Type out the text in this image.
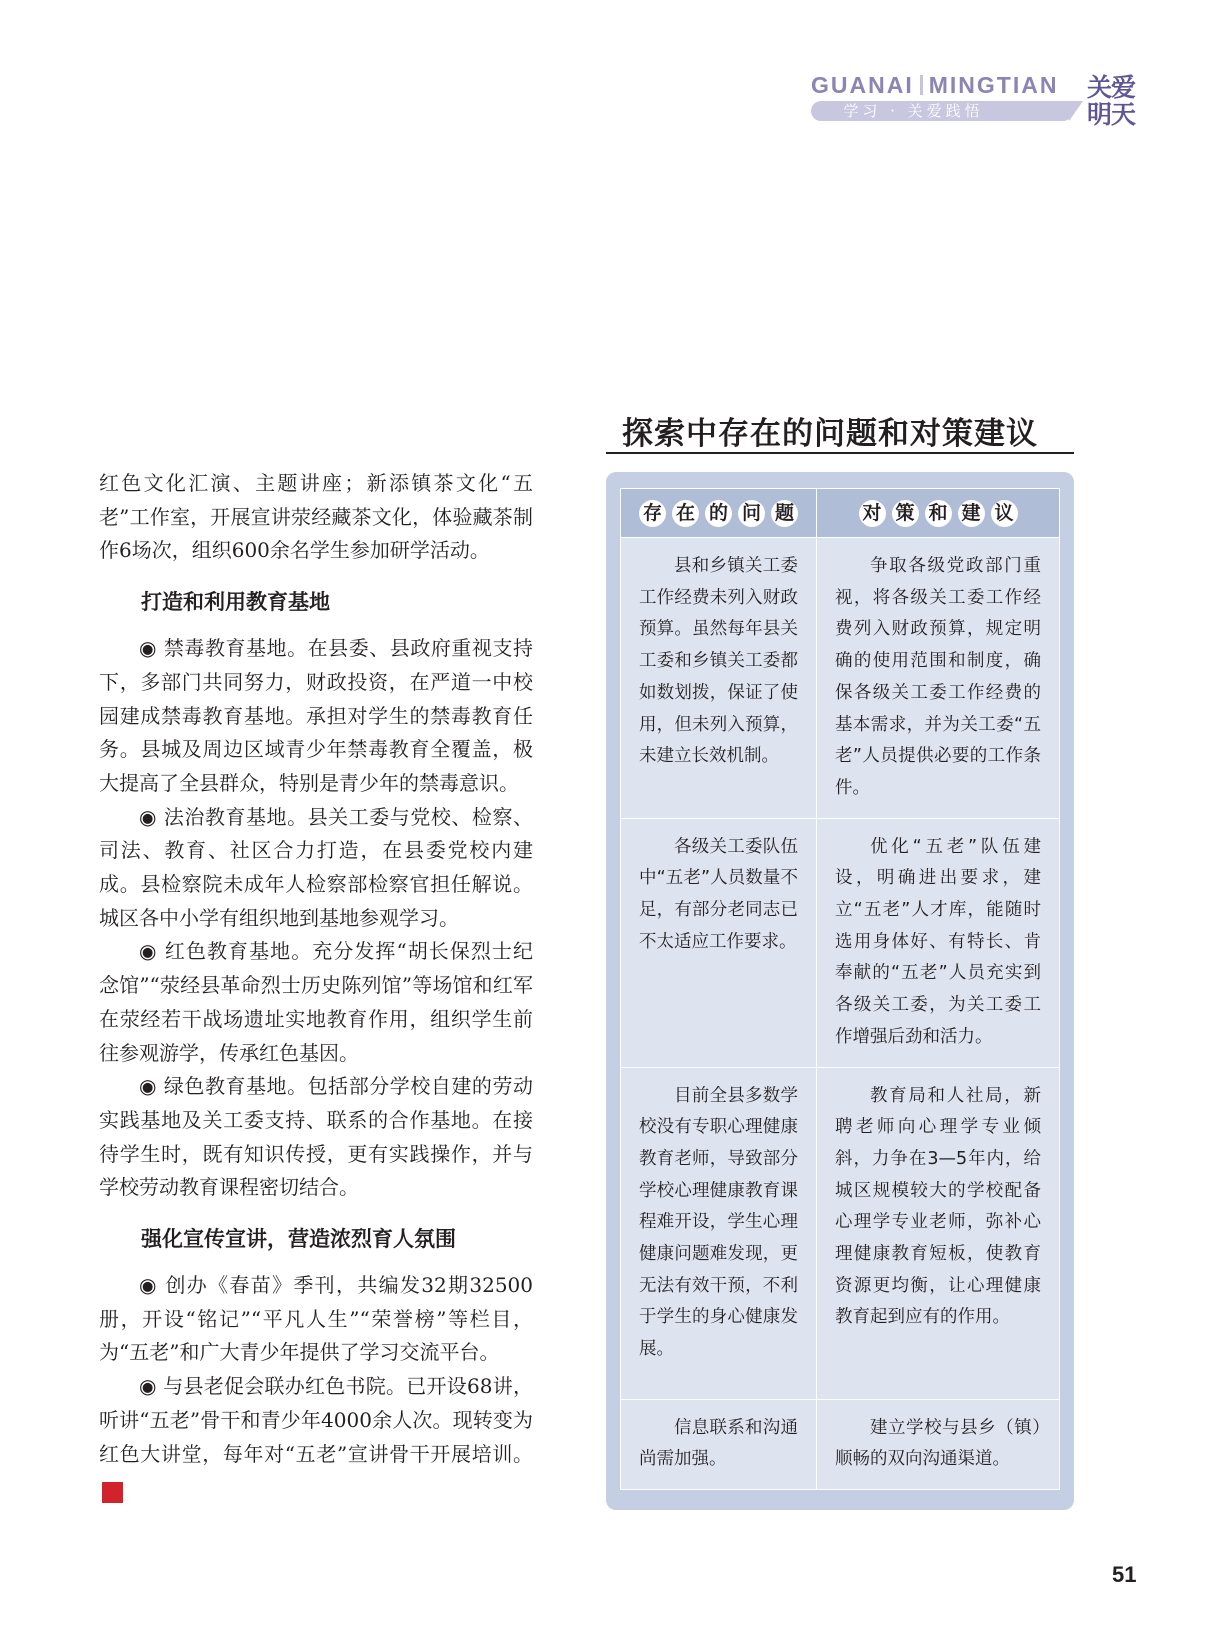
GUANAI MINGTIAN
学习 · 关爱践悟
关爱
明天

红色文化汇演、主题讲座；新添镇茶文化“五老”工作室，开展宣讲荥经藏茶文化，体验藏茶制作6场次，组织600余名学生参加研学活动。

打造和利用教育基地

◉ 禁毒教育基地。在县委、县政府重视支持下，多部门共同努力，财政投资，在严道一中校园建成禁毒教育基地。承担对学生的禁毒教育任务。县城及周边区域青少年禁毒教育全覆盖，极大提高了全县群众，特别是青少年的禁毒意识。

◉ 法治教育基地。县关工委与党校、检察、司法、教育、社区合力打造，在县委党校内建成。县检察院未成年人检察部检察官担任解说。城区各中小学有组织地到基地参观学习。

◉ 红色教育基地。充分发挥“胡长保烈士纪念馆”“荥经县革命烈士历史陈列馆”等场馆和红军在荥经若干战场遗址实地教育作用，组织学生前往参观游学，传承红色基因。

◉ 绿色教育基地。包括部分学校自建的劳动实践基地及关工委支持、联系的合作基地。在接待学生时，既有知识传授，更有实践操作，并与学校劳动教育课程密切结合。

强化宣传宣讲，营造浓烈育人氛围

◉ 创办《春苗》季刊，共编发32期32500册，开设“铭记”“平凡人生”“荣誉榜”等栏目，为“五老”和广大青少年提供了学习交流平台。

◉ 与县老促会联办红色书院。已开设68讲，听讲“五老”骨干和青少年4000余人次。现转变为红色大讲堂，每年对“五老”宣讲骨干开展培训。关

探索中存在的问题和对策建议
存 在 的 问 题	对 策 和 建 议

县和乡镇关工委工作经费未列入财政预算。虽然每年县关工委和乡镇关工委都如数划拨，保证了使用，但未列入预算，未建立长效机制。	争取各级党政部门重视，将各级关工委工作经费列入财政预算，规定明确的使用范围和制度，确保各级关工委工作经费的基本需求，并为关工委“五老”人员提供必要的工作条件。

各级关工委队伍中“五老”人员数量不足，有部分老同志已不太适应工作要求。	优化“五老”队伍建设，明确进出要求，建立“五老”人才库，能随时选用身体好、有特长、肯奉献的“五老”人员充实到各级关工委，为关工委工作增强后劲和活力。

目前全县多数学校没有专职心理健康教育老师，导致部分学校心理健康教育课程难开设，学生心理健康问题难发现，更无法有效干预，不利于学生的身心健康发展。	教育局和人社局，新聘老师向心理学专业倾斜，力争在3—5年内，给城区规模较大的学校配备心理学专业老师，弥补心理健康教育短板，使教育资源更均衡，让心理健康教育起到应有的作用。

信息联系和沟通尚需加强。	建立学校与县乡（镇）顺畅的双向沟通渠道。

51
